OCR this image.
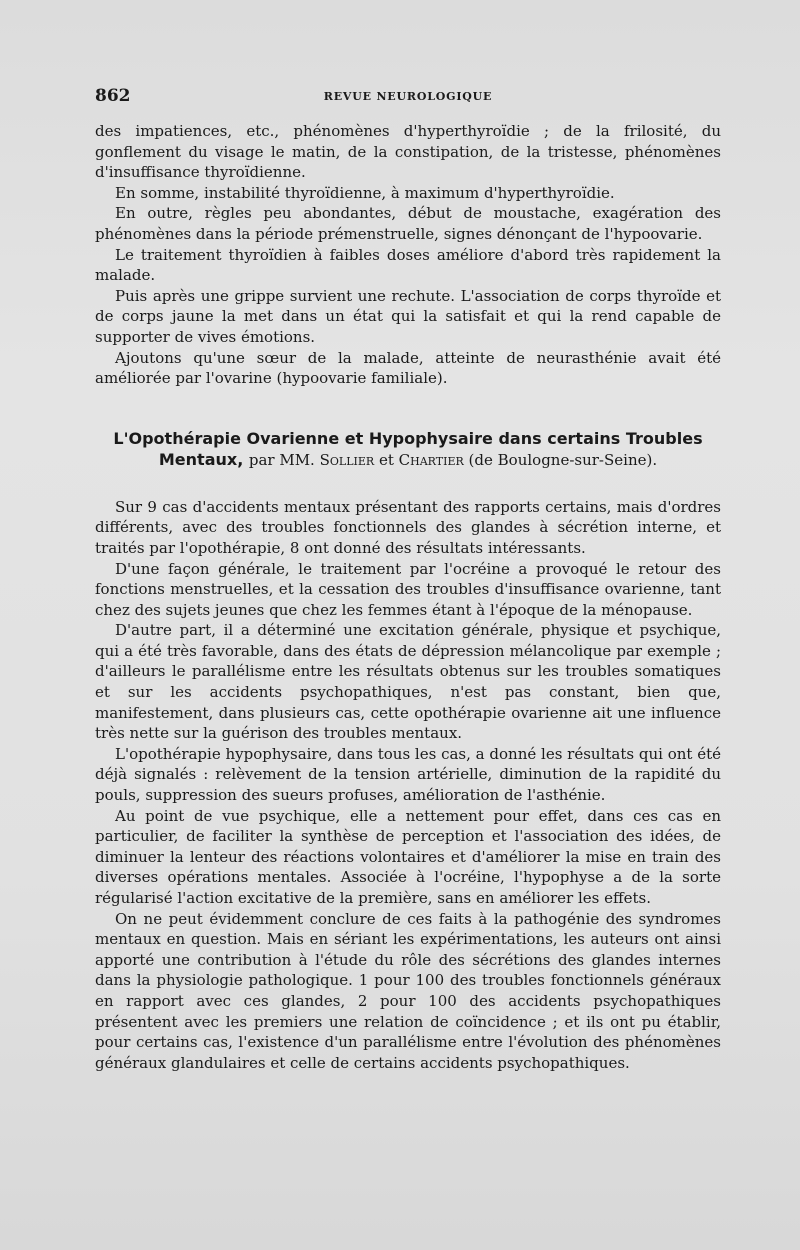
862	REVUE NEUROLOGIQUE

des impatiences, etc., phénomènes d'hyperthyroïdie ; de la frilosité, du gonflement du visage le matin, de la constipation, de la tristesse, phénomènes d'insuffisance thyroïdienne.

En somme, instabilité thyroïdienne, à maximum d'hyperthyroïdie.

En outre, règles peu abondantes, début de moustache, exagération des phénomènes dans la période prémenstruelle, signes dénonçant de l'hypoovarie.

Le traitement thyroïdien à faibles doses améliore d'abord très rapidement la malade.

Puis après une grippe survient une rechute. L'association de corps thyroïde et de corps jaune la met dans un état qui la satisfait et qui la rend capable de supporter de vives émotions.

Ajoutons qu'une sœur de la malade, atteinte de neurasthénie avait été améliorée par l'ovarine (hypoovarie familiale).

L'Opothérapie Ovarienne et Hypophysaire dans certains Troubles Mentaux, par MM. Sollier et Chartier (de Boulogne-sur-Seine).

Sur 9 cas d'accidents mentaux présentant des rapports certains, mais d'ordres différents, avec des troubles fonctionnels des glandes à sécrétion interne, et traités par l'opothérapie, 8 ont donné des résultats intéressants.

D'une façon générale, le traitement par l'ocréine a provoqué le retour des fonctions menstruelles, et la cessation des troubles d'insuffisance ovarienne, tant chez des sujets jeunes que chez les femmes étant à l'époque de la ménopause.

D'autre part, il a déterminé une excitation générale, physique et psychique, qui a été très favorable, dans des états de dépression mélancolique par exemple ; d'ailleurs le parallélisme entre les résultats obtenus sur les troubles somatiques et sur les accidents psychopathiques, n'est pas constant, bien que, manifestement, dans plusieurs cas, cette opothérapie ovarienne ait une influence très nette sur la guérison des troubles mentaux.

L'opothérapie hypophysaire, dans tous les cas, a donné les résultats qui ont été déjà signalés : relèvement de la tension artérielle, diminution de la rapidité du pouls, suppression des sueurs profuses, amélioration de l'asthénie.

Au point de vue psychique, elle a nettement pour effet, dans ces cas en particulier, de faciliter la synthèse de perception et l'association des idées, de diminuer la lenteur des réactions volontaires et d'améliorer la mise en train des diverses opérations mentales. Associée à l'ocréine, l'hypophyse a de la sorte régularisé l'action excitative de la première, sans en améliorer les effets.

On ne peut évidemment conclure de ces faits à la pathogénie des syndromes mentaux en question. Mais en sériant les expérimentations, les auteurs ont ainsi apporté une contribution à l'étude du rôle des sécrétions des glandes internes dans la physiologie pathologique. 1 pour 100 des troubles fonctionnels généraux en rapport avec ces glandes, 2 pour 100 des accidents psychopathiques présentent avec les premiers une relation de coïncidence ; et ils ont pu établir, pour certains cas, l'existence d'un parallélisme entre l'évolution des phénomènes généraux glandulaires et celle de certains accidents psychopathiques.
